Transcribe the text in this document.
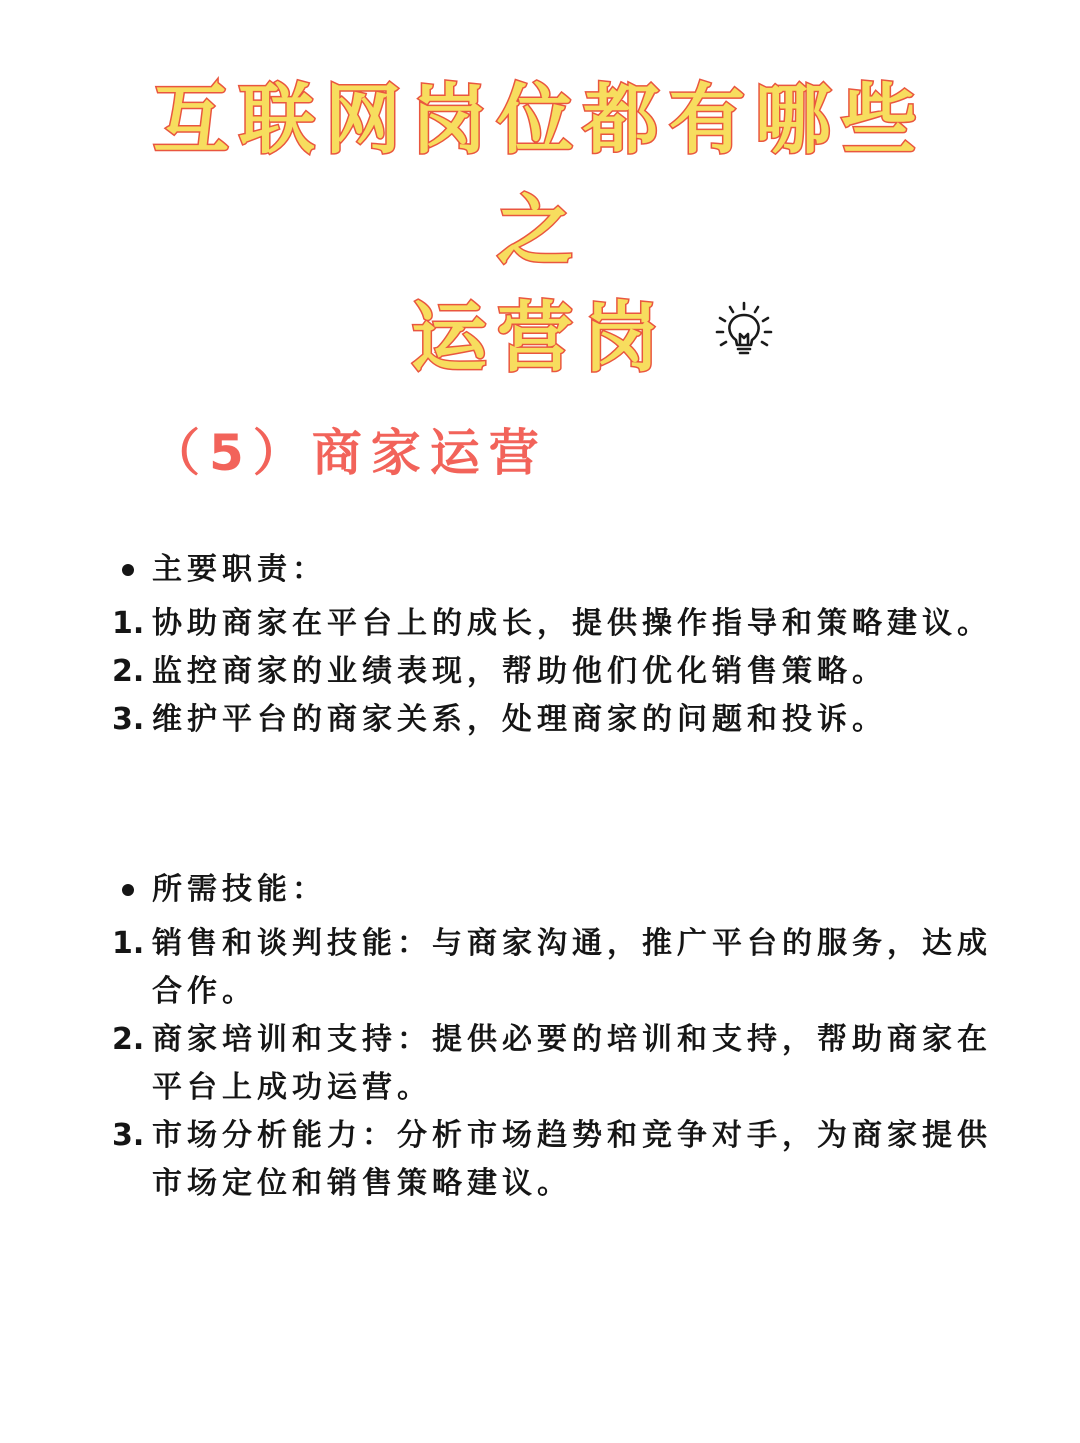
互联网岗位都有哪些
之
运营岗
（5）商家运营
主要职责：
1. 协助商家在平台上的成长，提供操作指导和策略建议。
2. 监控商家的业绩表现，帮助他们优化销售策略。
3. 维护平台的商家关系，处理商家的问题和投诉。
所需技能：
1. 销售和谈判技能：与商家沟通，推广平台的服务，达成合作。
2. 商家培训和支持：提供必要的培训和支持，帮助商家在平台上成功运营。
3. 市场分析能力：分析市场趋势和竞争对手，为商家提供市场定位和销售策略建议。
